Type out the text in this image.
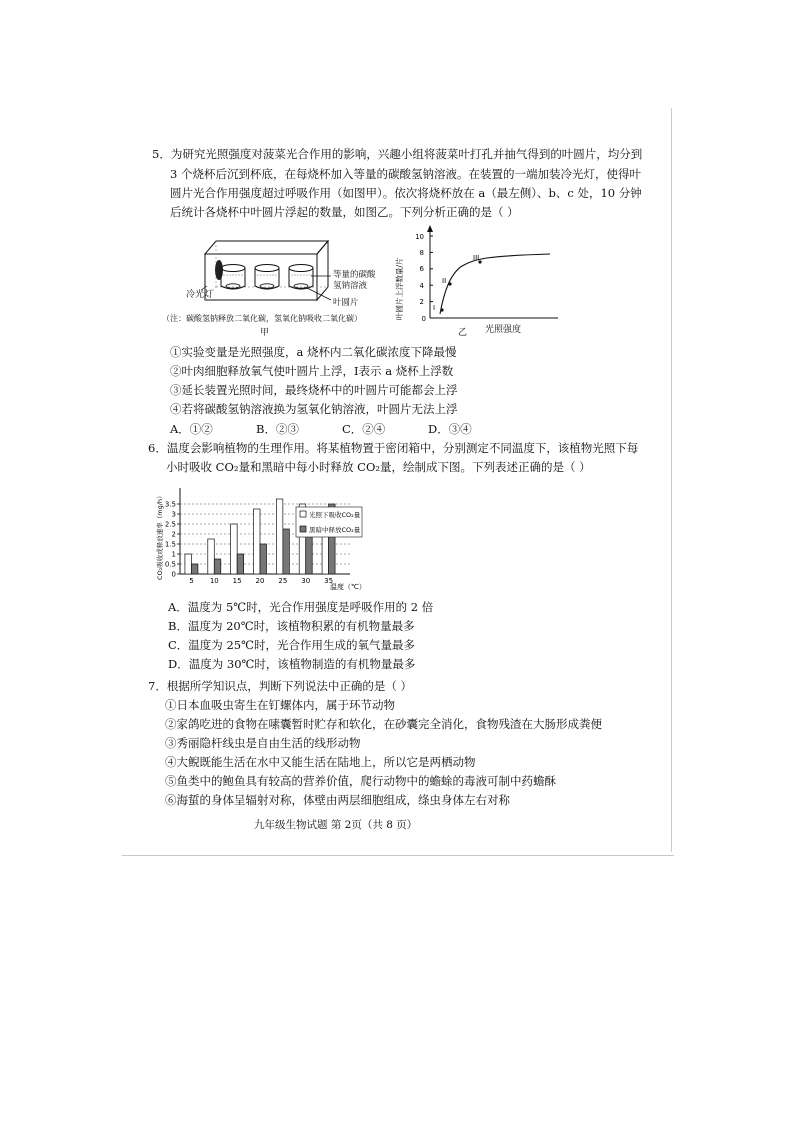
5．为研究光照强度对菠菜光合作用的影响，兴趣小组将菠菜叶打孔并抽气得到的叶圆片，均分到
3 个烧杯后沉到杯底，在每烧杯加入等量的碳酸氢钠溶液。在装置的一端加装冷光灯，使得叶
圆片光合作用强度超过呼吸作用（如图甲）。依次将烧杯放在 a（最左侧）、b、c 处，10 分钟
后统计各烧杯中叶圆片浮起的数量，如图乙。下列分析正确的是（ ）
冷光灯
等量的碳酸
氢钠溶液
叶圆片
（注：碳酸氢钠释放二氧化碳，氢氧化钠吸收二氧化碳）
甲
10
8
6
4
2
0
I
II
III
叶圆片上浮数量/片
光照强度
乙
①实验变量是光照强度，a 烧杯内二氧化碳浓度下降最慢
②叶肉细胞释放氧气使叶圆片上浮，I表示 a 烧杯上浮数
③延长装置光照时间，最终烧杯中的叶圆片可能都会上浮
④若将碳酸氢钠溶液换为氢氧化钠溶液，叶圆片无法上浮
A．①②	B．②③	C．②④	D．③④
6．温度会影响植物的生理作用。将某植物置于密闭箱中，分别测定不同温度下，该植物光照下每
小时吸收 CO₂量和黑暗中每小时释放 CO₂量，绘制成下图。下列表述正确的是（ ）
CO₂吸收或释放速率（mg/h）
温度（℃）
0
0.5
1
1.5
2
2.5
3
3.5
5 10 15 20 25 30 35
光照下吸收CO₂量
黑暗中释放CO₂量
A．温度为 5℃时，光合作用强度是呼吸作用的 2 倍
B．温度为 20℃时，该植物积累的有机物量最多
C．温度为 25℃时，光合作用生成的氧气量最多
D．温度为 30℃时，该植物制造的有机物量最多
7．根据所学知识点，判断下列说法中正确的是（ ）
①日本血吸虫寄生在钉螺体内，属于环节动物
②家鸽吃进的食物在嗉囊暂时贮存和软化，在砂囊完全消化，食物残渣在大肠形成粪便
③秀丽隐杆线虫是自由生活的线形动物
④大鲵既能生活在水中又能生活在陆地上，所以它是两栖动物
⑤鱼类中的鲍鱼具有较高的营养价值，爬行动物中的蟾蜍的毒液可制中药蟾酥
⑥海蜇的身体呈辐射对称，体壁由两层细胞组成，绦虫身体左右对称
九年级生物试题 第 2页（共 8 页）
